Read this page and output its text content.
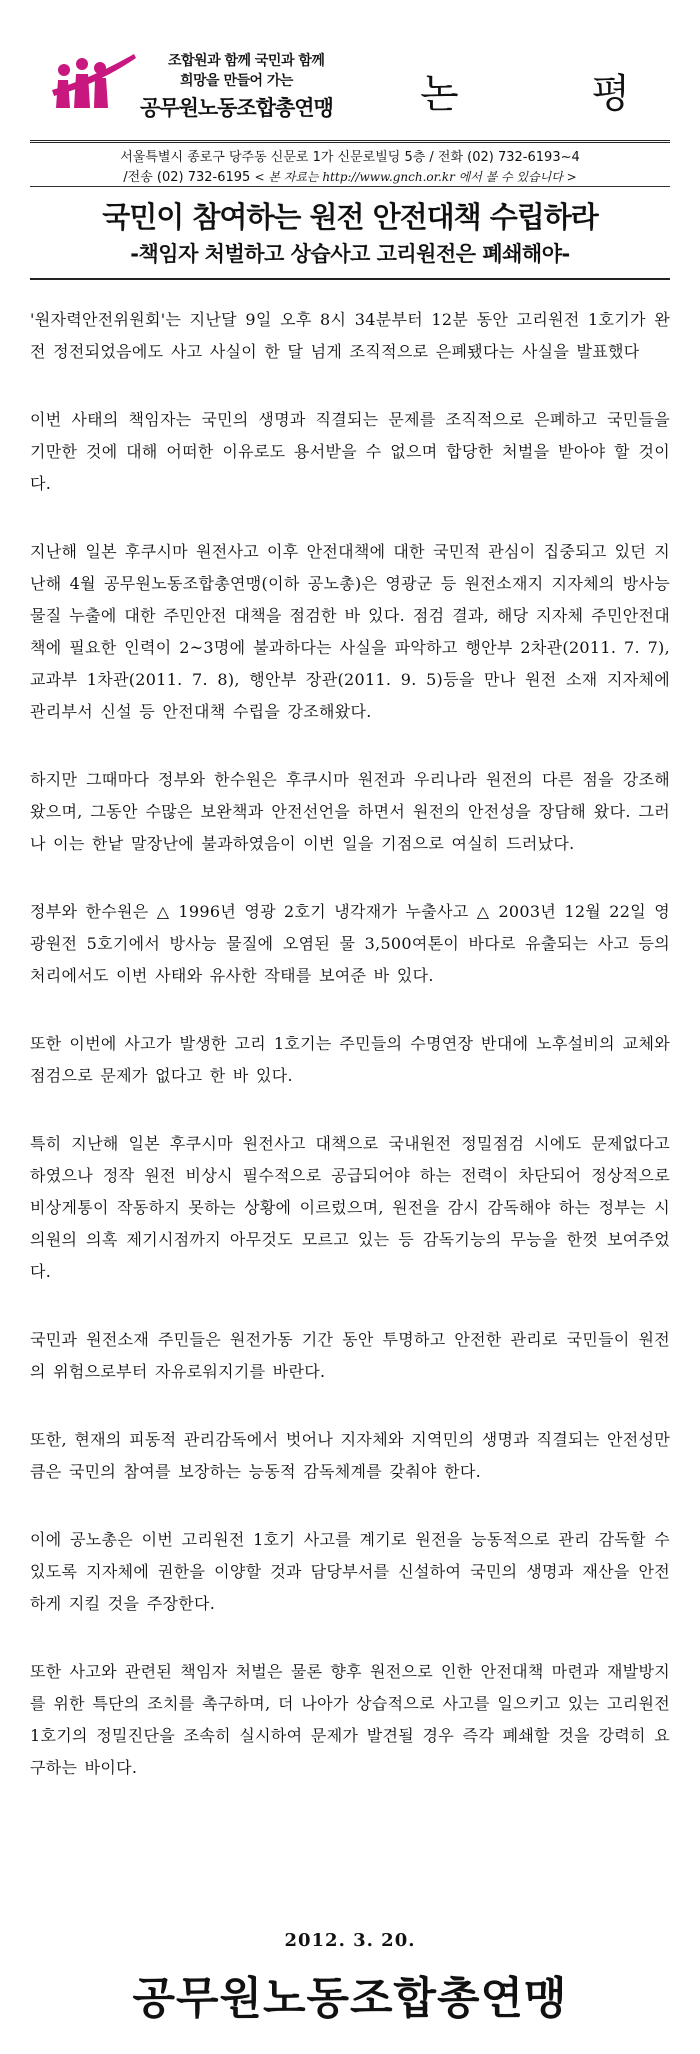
조합원과 함께 국민과 함께
희망을 만들어 가는
공무원노동조합총연맹 논 평
서울특별시 종로구 당주동 신문로 1가 신문로빌딩 5층 / 전화 (02) 732-6193~4
/전송 (02) 732-6195 < 본 자료는 http://www.gnch.or.kr 에서 볼 수 있습니다 >
국민이 참여하는 원전 안전대책 수립하라
-책임자 처벌하고 상습사고 고리원전은 폐쇄해야-

'원자력안전위원회'는 지난달 9일 오후 8시 34분부터 12분 동안 고리원전 1호기가 완전 정전되었음에도 사고 사실이 한 달 넘게 조직적으로 은폐됐다는 사실을 발표했다

이번 사태의 책임자는 국민의 생명과 직결되는 문제를 조직적으로 은폐하고 국민들을 기만한 것에 대해 어떠한 이유로도 용서받을 수 없으며 합당한 처벌을 받아야 할 것이다.

지난해 일본 후쿠시마 원전사고 이후 안전대책에 대한 국민적 관심이 집중되고 있던 지난해 4월 공무원노동조합총연맹(이하 공노총)은 영광군 등 원전소재지 지자체의 방사능물질 누출에 대한 주민안전 대책을 점검한 바 있다. 점검 결과, 해당 지자체 주민안전대책에 필요한 인력이 2~3명에 불과하다는 사실을 파악하고 행안부 2차관(2011. 7. 7), 교과부 1차관(2011. 7. 8), 행안부 장관(2011. 9. 5)등을 만나 원전 소재 지자체에 관리부서 신설 등 안전대책 수립을 강조해왔다.

하지만 그때마다 정부와 한수원은 후쿠시마 원전과 우리나라 원전의 다른 점을 강조해왔으며, 그동안 수많은 보완책과 안전선언을 하면서 원전의 안전성을 장담해 왔다. 그러나 이는 한낱 말장난에 불과하였음이 이번 일을 기점으로 여실히 드러났다.

정부와 한수원은 △ 1996년 영광 2호기 냉각재가 누출사고 △ 2003년 12월 22일 영광원전 5호기에서 방사능 물질에 오염된 물 3,500여톤이 바다로 유출되는 사고 등의 처리에서도 이번 사태와 유사한 작태를 보여준 바 있다.

또한 이번에 사고가 발생한 고리 1호기는 주민들의 수명연장 반대에 노후설비의 교체와 점검으로 문제가 없다고 한 바 있다.

특히 지난해 일본 후쿠시마 원전사고 대책으로 국내원전 정밀점검 시에도 문제없다고 하였으나 정작 원전 비상시 필수적으로 공급되어야 하는 전력이 차단되어 정상적으로 비상게통이 작동하지 못하는 상황에 이르렀으며, 원전을 감시 감독해야 하는 정부는 시의원의 의혹 제기시점까지 아무것도 모르고 있는 등 감독기능의 무능을 한껏 보여주었다.

국민과 원전소재 주민들은 원전가동 기간 동안 투명하고 안전한 관리로 국민들이 원전의 위험으로부터 자유로워지기를 바란다.

또한, 현재의 피동적 관리감독에서 벗어나 지자체와 지역민의 생명과 직결되는 안전성만큼은 국민의 참여를 보장하는 능동적 감독체계를 갖춰야 한다.

이에 공노총은 이번 고리원전 1호기 사고를 계기로 원전을 능동적으로 관리 감독할 수 있도록 지자체에 권한을 이양할 것과 담당부서를 신설하여 국민의 생명과 재산을 안전하게 지킬 것을 주장한다.

또한 사고와 관련된 책임자 처벌은 물론 향후 원전으로 인한 안전대책 마련과 재발방지를 위한 특단의 조치를 촉구하며, 더 나아가 상습적으로 사고를 일으키고 있는 고리원전 1호기의 정밀진단을 조속히 실시하여 문제가 발견될 경우 즉각 폐쇄할 것을 강력히 요구하는 바이다.

2012. 3. 20.
공무원노동조합총연맹
